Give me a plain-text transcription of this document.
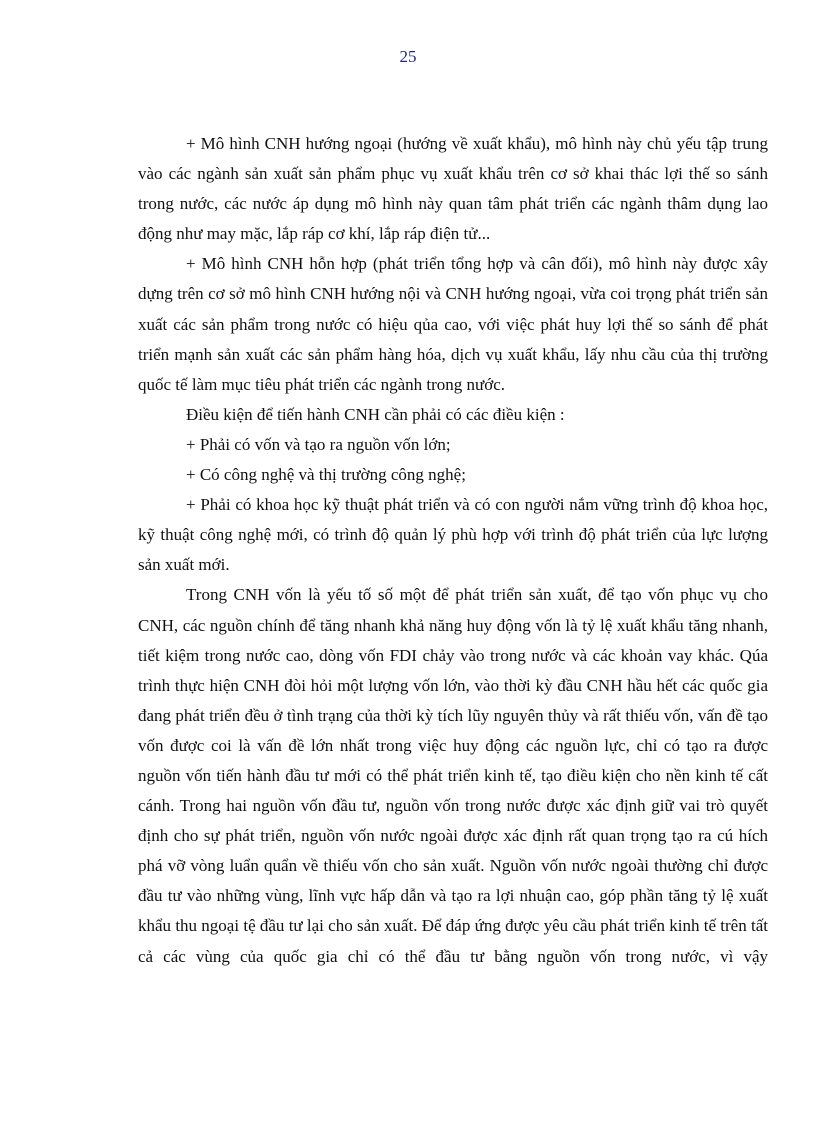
25

+ Mô hình CNH hướng ngoại (hướng về xuất khẩu), mô hình này chủ yếu tập trung vào các ngành sản xuất sản phẩm phục vụ xuất khẩu trên cơ sở khai thác lợi thế so sánh trong nước, các nước áp dụng mô hình này quan tâm phát triển các ngành thâm dụng lao động như may mặc, lắp ráp cơ khí, lắp ráp điện tử...

+ Mô hình CNH hỗn hợp (phát triển tổng hợp và cân đối), mô hình này được xây dựng trên cơ sở mô hình CNH hướng nội và CNH hướng ngoại, vừa coi trọng phát triển sản xuất các sản phẩm trong nước có hiệu qủa cao, với việc phát huy lợi thế so sánh để phát triển mạnh sản xuất các sản phẩm hàng hóa, dịch vụ xuất khẩu, lấy nhu cầu của thị trường quốc tế làm mục tiêu phát triển các ngành trong nước.

Điều kiện để tiến hành CNH cần phải có các điều kiện :

+ Phải có vốn và tạo ra nguồn vốn lớn;

+ Có công nghệ và thị trường công nghệ;

+ Phải có khoa học kỹ thuật phát triển và có con người nắm vững trình độ khoa học, kỹ thuật công nghệ mới, có trình độ quản lý phù hợp với trình độ phát triển của lực lượng sản xuất mới.

Trong CNH vốn là yếu tố số một để phát triển sản xuất, để tạo vốn phục vụ cho CNH, các nguồn chính để tăng nhanh khả năng huy động vốn là tỷ lệ xuất khẩu tăng nhanh, tiết kiệm trong nước cao, dòng vốn FDI chảy vào trong nước và các khoản vay khác. Qúa trình thực hiện CNH đòi hỏi một lượng vốn lớn, vào thời kỳ đầu CNH hầu hết các quốc gia đang phát triển đều ở tình trạng của thời kỳ tích lũy nguyên thủy và rất thiếu vốn, vấn đề tạo vốn được coi là vấn đề lớn nhất trong việc huy động các nguồn lực, chỉ có tạo ra được nguồn vốn tiến hành đầu tư mới có thể phát triển kinh tế, tạo điều kiện cho nền kinh tế cất cánh. Trong hai nguồn vốn đầu tư, nguồn vốn trong nước được xác định giữ vai trò quyết định cho sự phát triển, nguồn vốn nước ngoài được xác định rất quan trọng tạo ra cú hích phá vỡ vòng luẩn quẩn về thiếu vốn cho sản xuất. Nguồn vốn nước ngoài thường chỉ được đầu tư vào những vùng, lĩnh vực hấp dẫn và tạo ra lợi nhuận cao, góp phần tăng tỷ lệ xuất khẩu thu ngoại tệ đầu tư lại cho sản xuất. Để đáp ứng được yêu cầu phát triển kinh tế trên tất cả các vùng của quốc gia chỉ có thể đầu tư bằng nguồn vốn trong nước, vì vậy
